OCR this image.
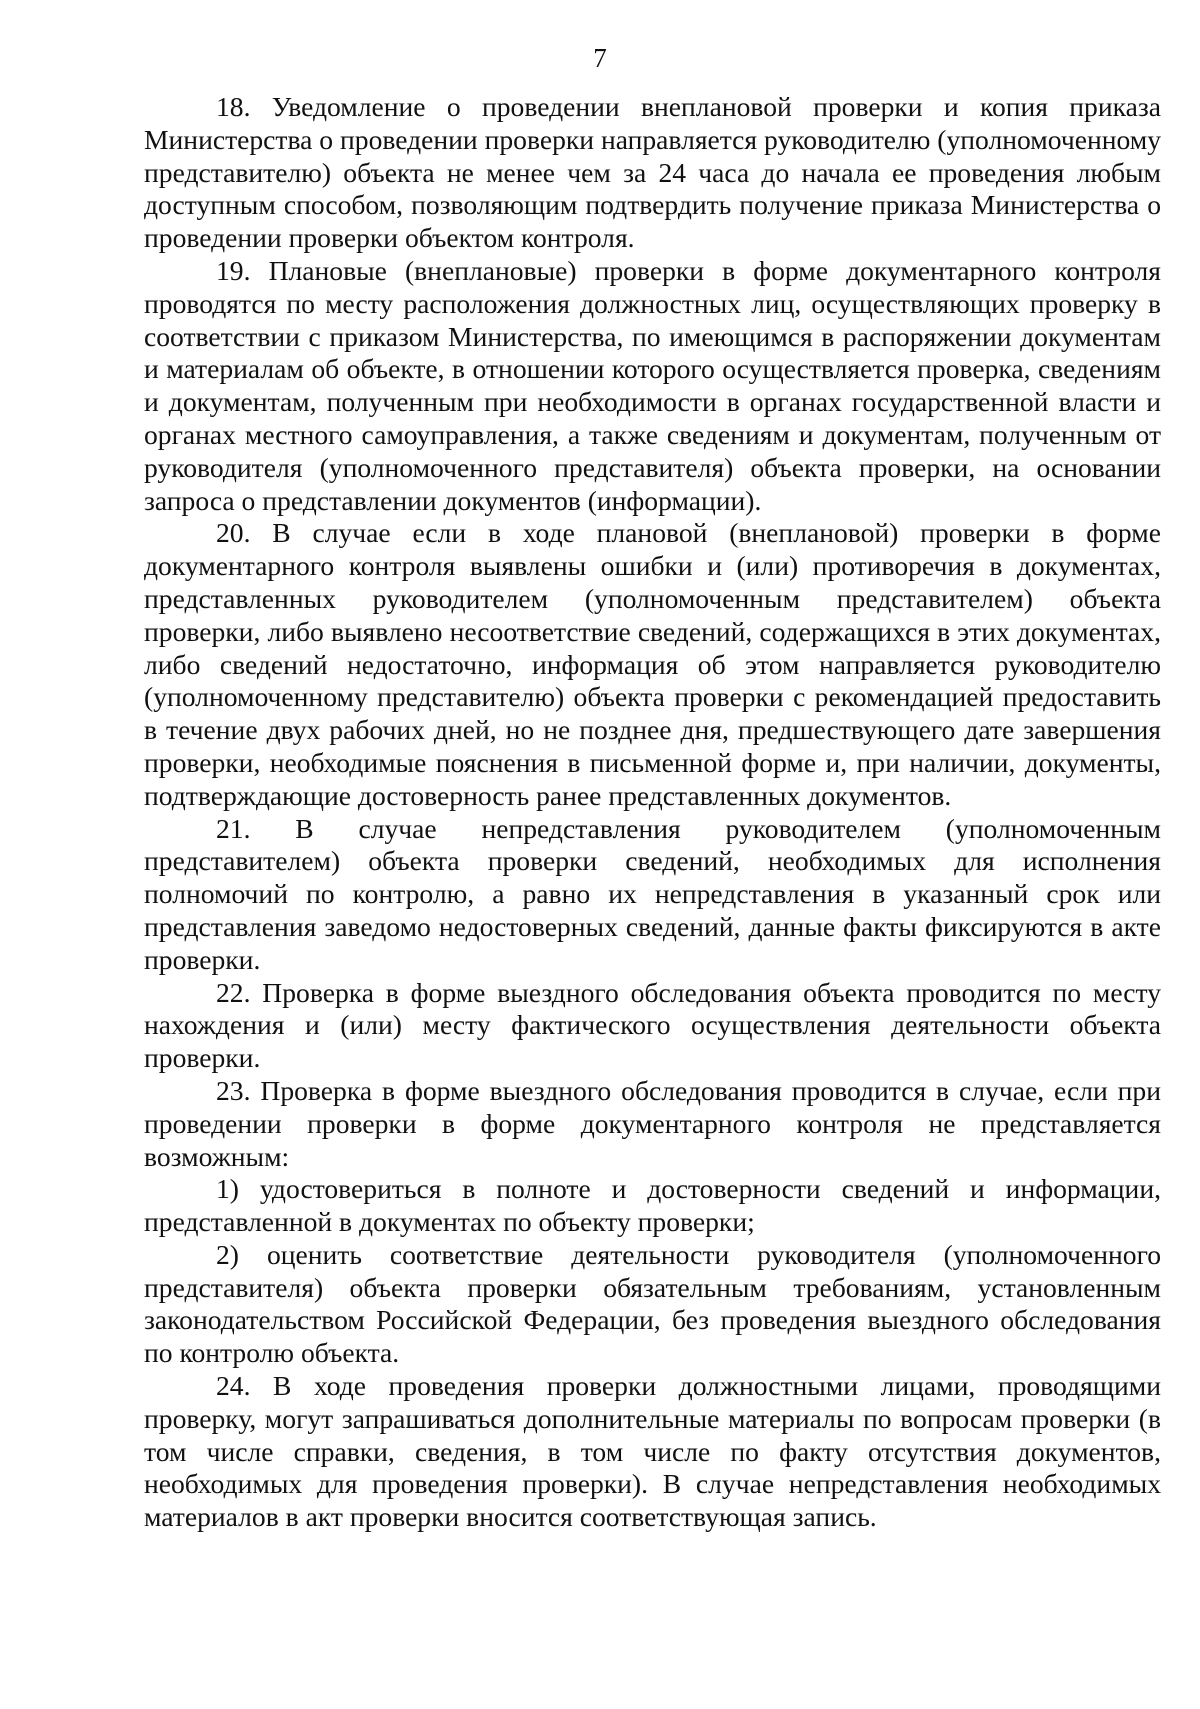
7

18. Уведомление о проведении внеплановой проверки и копия приказа Министерства о проведении проверки направляется руководителю (уполномоченному представителю) объекта не менее чем за 24 часа до начала ее проведения любым доступным способом, позволяющим подтвердить получение приказа Министерства о проведении проверки объектом контроля.

19. Плановые (внеплановые) проверки в форме документарного контроля проводятся по месту расположения должностных лиц, осуществляющих проверку в соответствии с приказом Министерства, по имеющимся в распоряжении документам и материалам об объекте, в отношении которого осуществляется проверка, сведениям и документам, полученным при необходимости в органах государственной власти и органах местного самоуправления, а также сведениям и документам, полученным от руководителя (уполномоченного представителя) объекта проверки, на основании запроса о представлении документов (информации).

20. В случае если в ходе плановой (внеплановой) проверки в форме документарного контроля выявлены ошибки и (или) противоречия в документах, представленных руководителем (уполномоченным представителем) объекта проверки, либо выявлено несоответствие сведений, содержащихся в этих документах, либо сведений недостаточно, информация об этом направляется руководителю (уполномоченному представителю) объекта проверки с рекомендацией предоставить в течение двух рабочих дней, но не позднее дня, предшествующего дате завершения проверки, необходимые пояснения в письменной форме и, при наличии, документы, подтверждающие достоверность ранее представленных документов.

21. В случае непредставления руководителем (уполномоченным представителем) объекта проверки сведений, необходимых для исполнения полномочий по контролю, а равно их непредставления в указанный срок или представления заведомо недостоверных сведений, данные факты фиксируются в акте проверки.

22. Проверка в форме выездного обследования объекта проводится по месту нахождения и (или) месту фактического осуществления деятельности объекта проверки.

23. Проверка в форме выездного обследования проводится в случае, если при проведении проверки в форме документарного контроля не представляется возможным:

1) удостовериться в полноте и достоверности сведений и информации, представленной в документах по объекту проверки;

2) оценить соответствие деятельности руководителя (уполномоченного представителя) объекта проверки обязательным требованиям, установленным законодательством Российской Федерации, без проведения выездного обследования по контролю объекта.

24. В ходе проведения проверки должностными лицами, проводящими проверку, могут запрашиваться дополнительные материалы по вопросам проверки (в том числе справки, сведения, в том числе по факту отсутствия документов, необходимых для проведения проверки). В случае непредставления необходимых материалов в акт проверки вносится соответствующая запись.
